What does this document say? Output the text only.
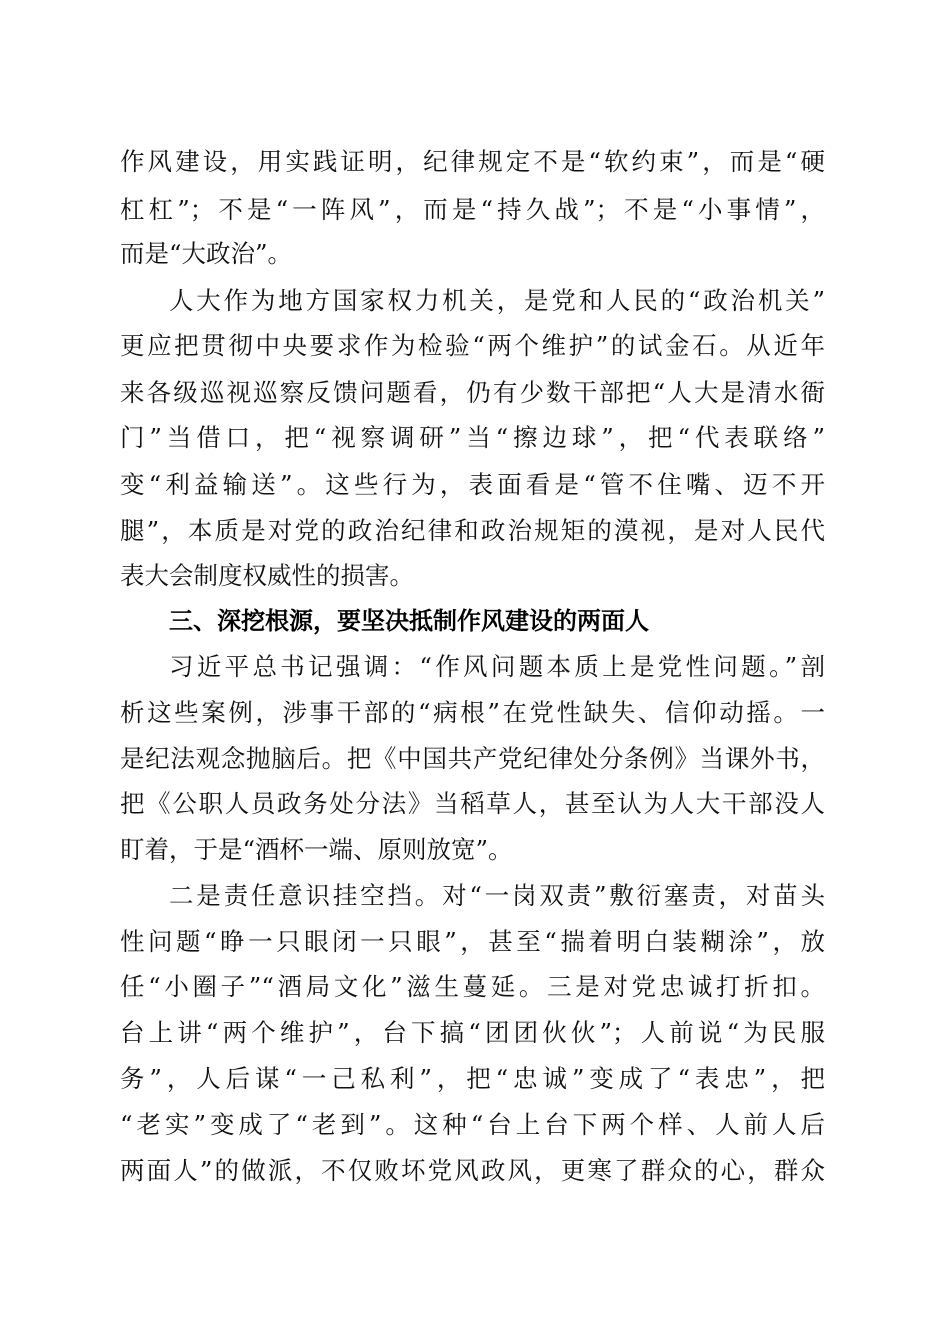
作风建设，用实践证明，纪律规定不是“软约束”，而是“硬
杠杠”；不是“一阵风”，而是“持久战”；不是“小事情”，
而是“大政治”。
人大作为地方国家权力机关，是党和人民的“政治机关”
更应把贯彻中央要求作为检验“两个维护”的试金石。从近年
来各级巡视巡察反馈问题看，仍有少数干部把“人大是清水衙
门”当借口，把“视察调研”当“擦边球”，把“代表联络”
变“利益输送”。这些行为，表面看是“管不住嘴、迈不开
腿”，本质是对党的政治纪律和政治规矩的漠视，是对人民代
表大会制度权威性的损害。
三、深挖根源，要坚决抵制作风建设的两面人
习近平总书记强调：“作风问题本质上是党性问题。”剖
析这些案例，涉事干部的“病根”在党性缺失、信仰动摇。一
是纪法观念抛脑后。把《中国共产党纪律处分条例》当课外书，
把《公职人员政务处分法》当稻草人，甚至认为人大干部没人
盯着，于是“酒杯一端、原则放宽”。
二是责任意识挂空挡。对“一岗双责”敷衍塞责，对苗头
性问题“睁一只眼闭一只眼”，甚至“揣着明白装糊涂”，放
任“小圈子”“酒局文化”滋生蔓延。三是对党忠诚打折扣。
台上讲“两个维护”，台下搞“团团伙伙”；人前说“为民服
务”，人后谋“一己私利”，把“忠诚”变成了“表忠”，把
“老实”变成了“老到”。这种“台上台下两个样、人前人后
两面人”的做派，不仅败坏党风政风，更寒了群众的心，群众
